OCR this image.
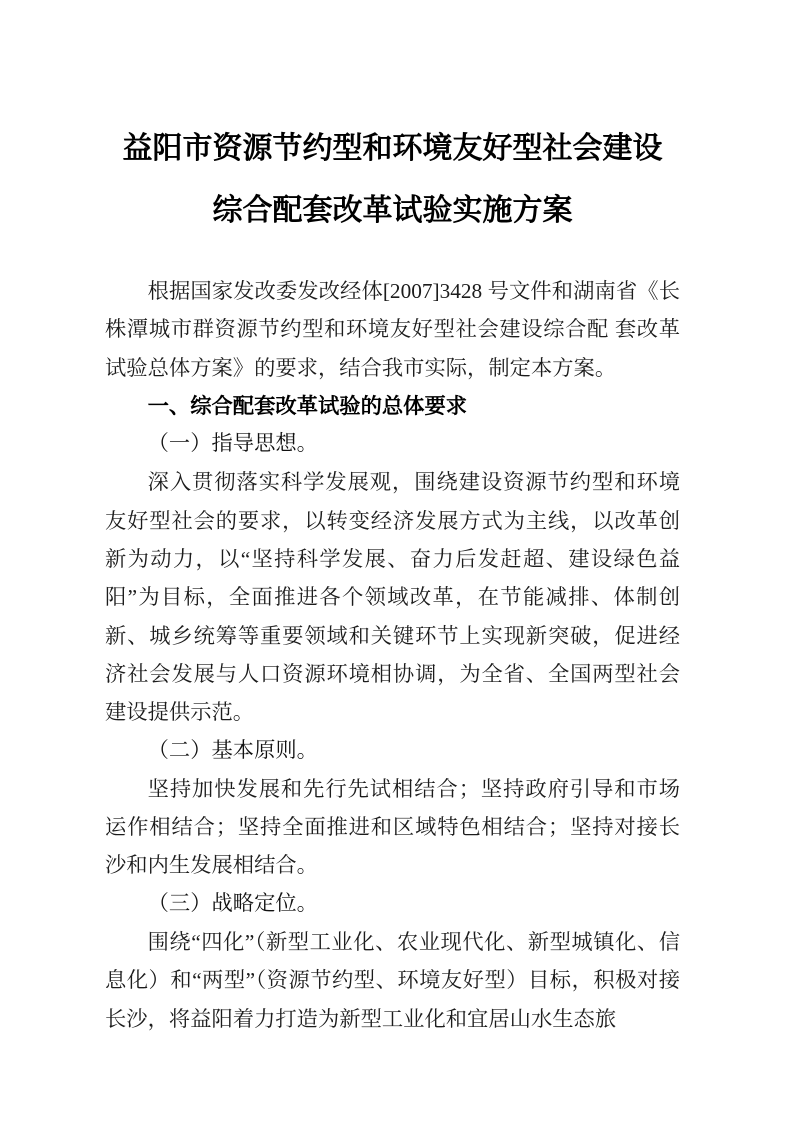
益阳市资源节约型和环境友好型社会建设
综合配套改革试验实施方案

根据国家发改委发改经体[2007]3428 号文件和湖南省《长株潭城市群资源节约型和环境友好型社会建设综合配 套改革试验总体方案》的要求，结合我市实际，制定本方案。

一、综合配套改革试验的总体要求

（一）指导思想。

深入贯彻落实科学发展观，围绕建设资源节约型和环境友好型社会的要求，以转变经济发展方式为主线，以改革创新为动力，以“坚持科学发展、奋力后发赶超、建设绿色益阳”为目标，全面推进各个领域改革，在节能减排、体制创新、城乡统筹等重要领域和关键环节上实现新突破，促进经济社会发展与人口资源环境相协调，为全省、全国两型社会建设提供示范。

（二）基本原则。

坚持加快发展和先行先试相结合；坚持政府引导和市场运作相结合；坚持全面推进和区域特色相结合；坚持对接长沙和内生发展相结合。

（三）战略定位。

围绕“四化”（新型工业化、农业现代化、新型城镇化、信息化）和“两型”（资源节约型、环境友好型）目标，积极对接长沙，将益阳着力打造为新型工业化和宜居山水生态旅
